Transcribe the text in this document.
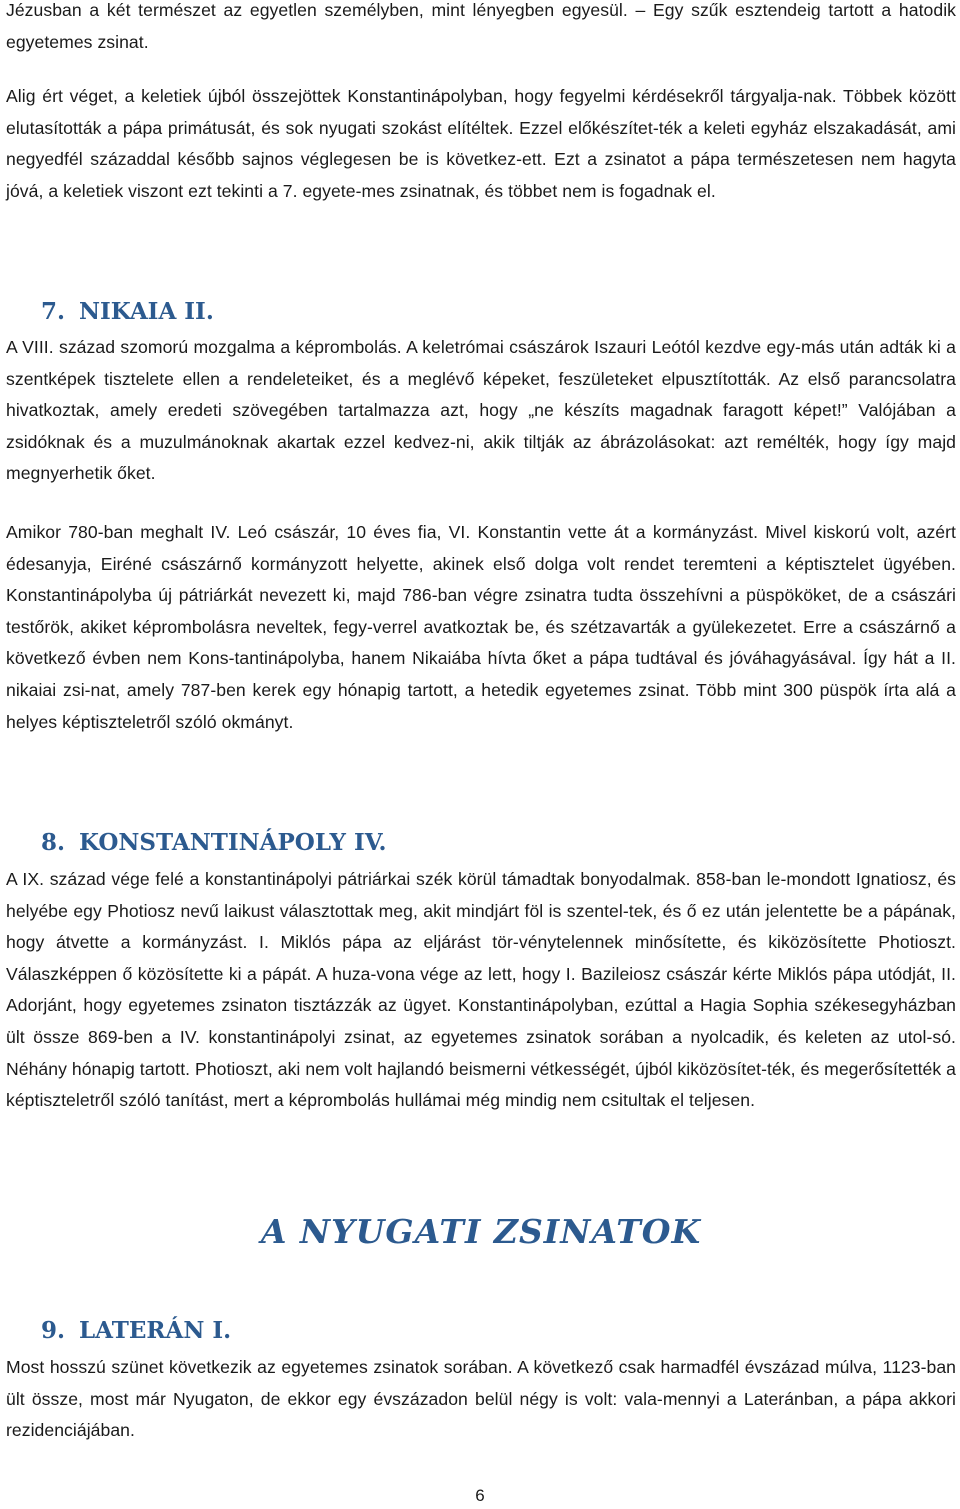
Jézusban a két természet az egyetlen személyben, mint lényegben egyesül. – Egy szűk esztendeig tartott a hatodik egyetemes zsinat.

Alig ért véget, a keletiek újból összejöttek Konstantinápolyban, hogy fegyelmi kérdésekről tárgyalja-nak. Többek között elutasították a pápa primátusát, és sok nyugati szokást elítéltek. Ezzel előkészítet-ték a keleti egyház elszakadását, ami negyedfél századdal később sajnos véglegesen be is következ-ett. Ezt a zsinatot a pápa természetesen nem hagyta jóvá, a keletiek viszont ezt tekinti a 7. egyete-mes zsinatnak, és többet nem is fogadnak el.

7. NIKAIA II.

A VIII. század szomorú mozgalma a képrombolás. A keletrómai császárok Iszauri Leótól kezdve egy-más után adták ki a szentképek tisztelete ellen a rendeleteiket, és a meglévő képeket, feszületeket elpusztították. Az első parancsolatra hivatkoztak, amely eredeti szövegében tartalmazza azt, hogy „ne készíts magadnak faragott képet!” Valójában a zsidóknak és a muzulmánoknak akartak ezzel kedvez-ni, akik tiltják az ábrázolásokat: azt remélték, hogy így majd megnyerhetik őket.

Amikor 780-ban meghalt IV. Leó császár, 10 éves fia, VI. Konstantin vette át a kormányzást. Mivel kiskorú volt, azért édesanyja, Eiréné császárnő kormányzott helyette, akinek első dolga volt rendet teremteni a képtisztelet ügyében. Konstantinápolyba új pátriárkát nevezett ki, majd 786-ban végre zsinatra tudta összehívni a püspököket, de a császári testőrök, akiket képrombolásra neveltek, fegy-verrel avatkoztak be, és szétzavarták a gyülekezetet. Erre a császárnő a következő évben nem Kons-tantinápolyba, hanem Nikaiába hívta őket a pápa tudtával és jóváhagyásával. Így hát a II. nikaiai zsi-nat, amely 787-ben kerek egy hónapig tartott, a hetedik egyetemes zsinat. Több mint 300 püspök írta alá a helyes képtiszteletről szóló okmányt.

8. KONSTANTINÁPOLY IV.

A IX. század vége felé a konstantinápolyi pátriárkai szék körül támadtak bonyodalmak. 858-ban le-mondott Ignatiosz, és helyébe egy Photiosz nevű laikust választottak meg, akit mindjárt föl is szentel-tek, és ő ez után jelentette be a pápának, hogy átvette a kormányzást. I. Miklós pápa az eljárást tör-vénytelennek minősítette, és kiközösítette Photioszt. Válaszképpen ő közösítette ki a pápát. A huza-vona vége az lett, hogy I. Bazileiosz császár kérte Miklós pápa utódját, II. Adorjánt, hogy egyetemes zsinaton tisztázzák az ügyet. Konstantinápolyban, ezúttal a Hagia Sophia székesegyházban ült össze 869-ben a IV. konstantinápolyi zsinat, az egyetemes zsinatok sorában a nyolcadik, és keleten az utol-só. Néhány hónapig tartott. Photioszt, aki nem volt hajlandó beismerni vétkességét, újból kiközösítet-ték, és megerősítették a képtiszteletről szóló tanítást, mert a képrombolás hullámai még mindig nem csitultak el teljesen.

A NYUGATI ZSINATOK
9. LATERÁN I.

Most hosszú szünet következik az egyetemes zsinatok sorában. A következő csak harmadfél évszázad múlva, 1123-ban ült össze, most már Nyugaton, de ekkor egy évszázadon belül négy is volt: vala-mennyi a Lateránban, a pápa akkori rezidenciájában.

6
